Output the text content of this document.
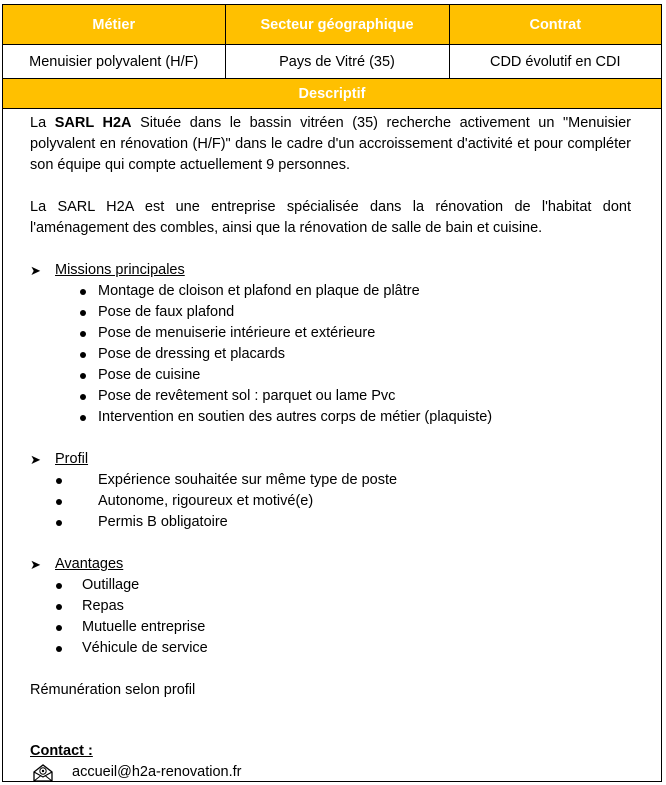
Métier	Secteur géographique	Contrat
Menuisier polyvalent (H/F)	Pays de Vitré (35)	CDD évolutif en CDI
Descriptif		

La SARL H2A Située dans le bassin vitréen (35) recherche activement un "Menuisier polyvalent en rénovation (H/F)" dans le cadre d'un accroissement d'activité et pour compléter son équipe qui compte actuellement 9 personnes.

La SARL H2A est une entreprise spécialisée dans la rénovation de l'habitat dont l'aménagement des combles, ainsi que la rénovation de salle de bain et cuisine.

➤ Missions principales
Montage de cloison et plafond en plaque de plâtre
Pose de faux plafond
Pose de menuiserie intérieure et extérieure
Pose de dressing et placards
Pose de cuisine
Pose de revêtement sol : parquet ou lame Pvc
Intervention en soutien des autres corps de métier (plaquiste)
➤ Profil
Expérience souhaitée sur même type de poste
Autonome, rigoureux et motivé(e)
Permis B obligatoire
➤ Avantages
Outillage
Repas
Mutuelle entreprise
Véhicule de service
Rémunération selon profil
Contact :
accueil@h2a-renovation.fr
